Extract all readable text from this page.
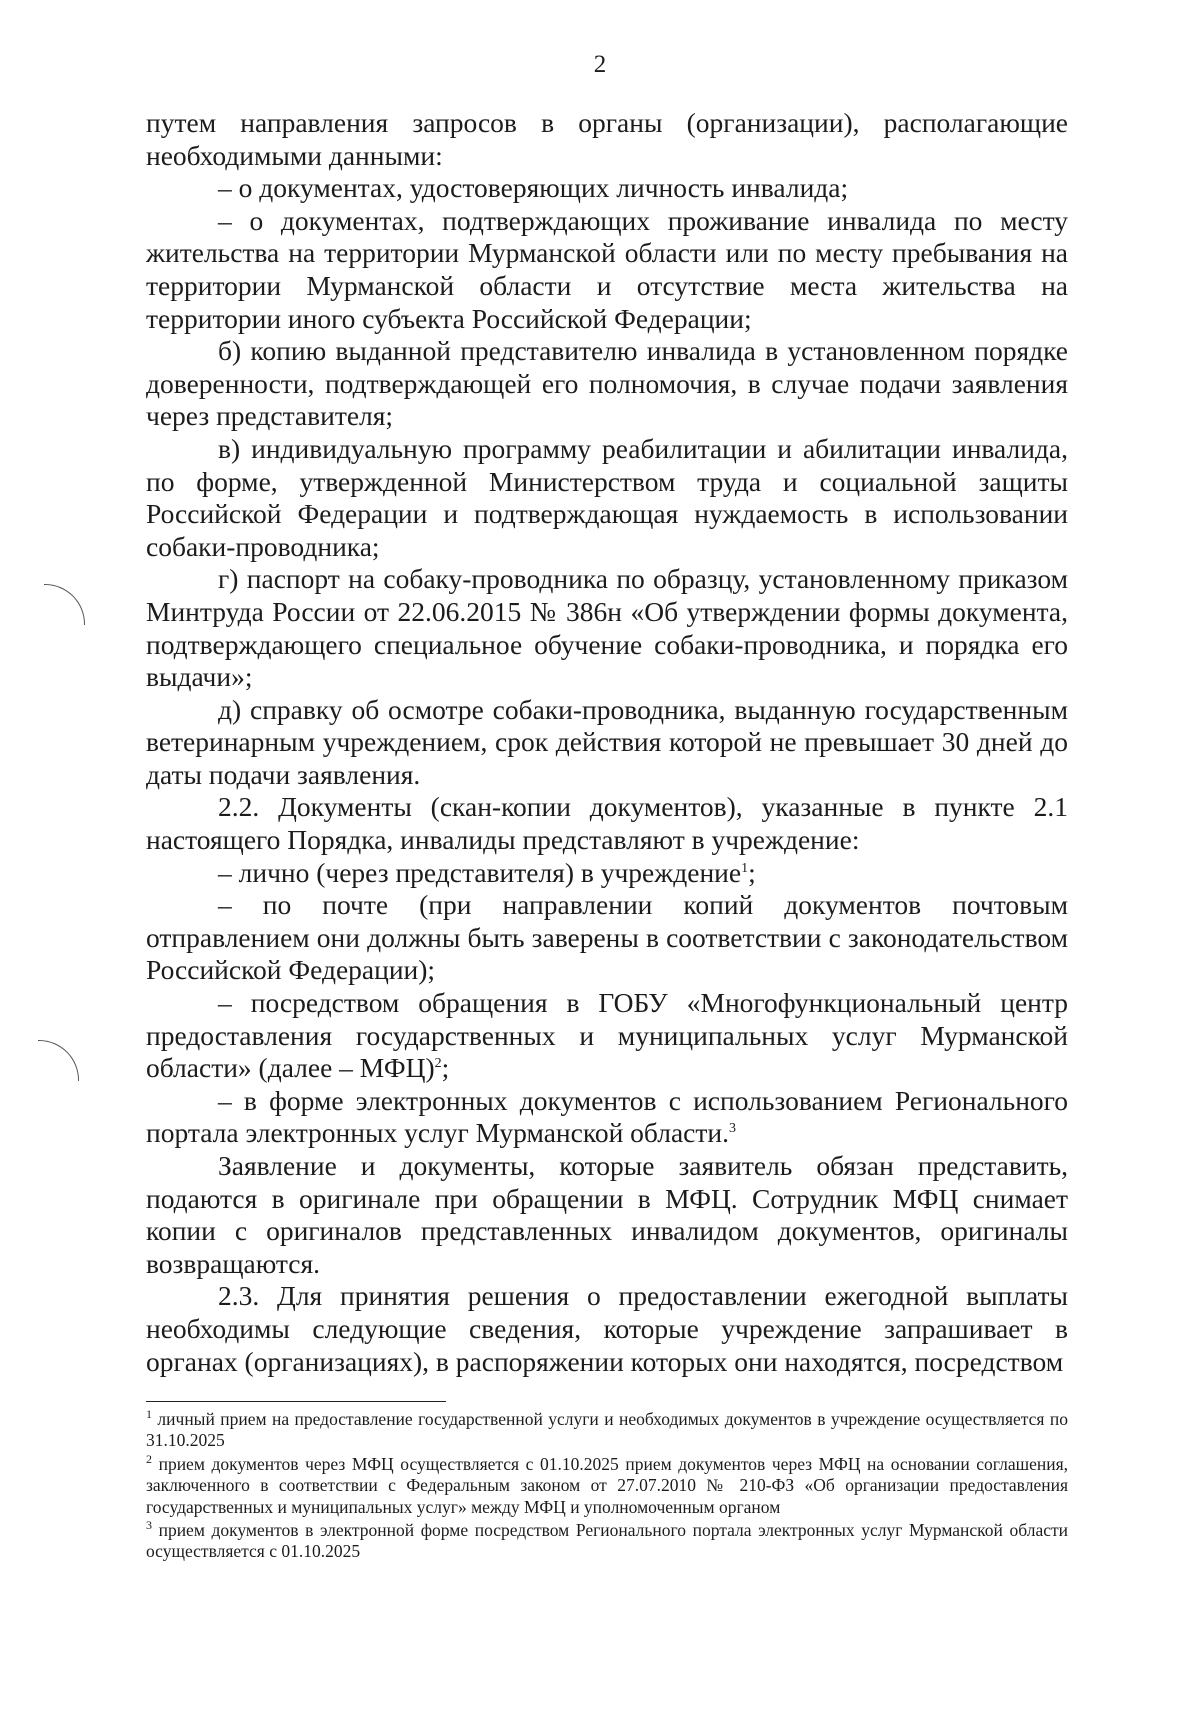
2

путем направления запросов в органы (организации), располагающие необходимыми данными:

– о документах, удостоверяющих личность инвалида;

– о документах, подтверждающих проживание инвалида по месту жительства на территории Мурманской области или по месту пребывания на территории Мурманской области и отсутствие места жительства на территории иного субъекта Российской Федерации;

б) копию выданной представителю инвалида в установленном порядке доверенности, подтверждающей его полномочия, в случае подачи заявления через представителя;

в) индивидуальную программу реабилитации и абилитации инвалида, по форме, утвержденной Министерством труда и социальной защиты Российской Федерации и подтверждающая нуждаемость в использовании собаки-проводника;

г) паспорт на собаку-проводника по образцу, установленному приказом Минтруда России от 22.06.2015 № 386н «Об утверждении формы документа, подтверждающего специальное обучение собаки-проводника, и порядка его выдачи»;

д) справку об осмотре собаки-проводника, выданную государственным ветеринарным учреждением, срок действия которой не превышает 30 дней до даты подачи заявления.

2.2. Документы (скан-копии документов), указанные в пункте 2.1 настоящего Порядка, инвалиды представляют в учреждение:

– лично (через представителя) в учреждение$^1$;

– по почте (при направлении копий документов почтовым отправлением они должны быть заверены в соответствии с законодательством Российской Федерации);

– посредством обращения в ГОБУ «Многофункциональный центр предоставления государственных и муниципальных услуг Мурманской области» (далее – МФЦ)$^2$;

– в форме электронных документов с использованием Регионального портала электронных услуг Мурманской области.$^3$

Заявление и документы, которые заявитель обязан представить, подаются в оригинале при обращении в МФЦ. Сотрудник МФЦ снимает копии с оригиналов представленных инвалидом документов, оригиналы возвращаются.

2.3. Для принятия решения о предоставлении ежегодной выплаты необходимы следующие сведения, которые учреждение запрашивает в органах (организациях), в распоряжении которых они находятся, посредством

$^1$ личный прием на предоставление государственной услуги и необходимых документов в учреждение осуществляется по 31.10.2025

$^2$ прием документов через МФЦ осуществляется с 01.10.2025 прием документов через МФЦ на основании соглашения, заключенного в соответствии с Федеральным законом от 27.07.2010 № 210-ФЗ «Об организации предоставления государственных и муниципальных услуг» между МФЦ и уполномоченным органом

$^3$ прием документов в электронной форме посредством Регионального портала электронных услуг Мурманской области осуществляется с 01.10.2025
